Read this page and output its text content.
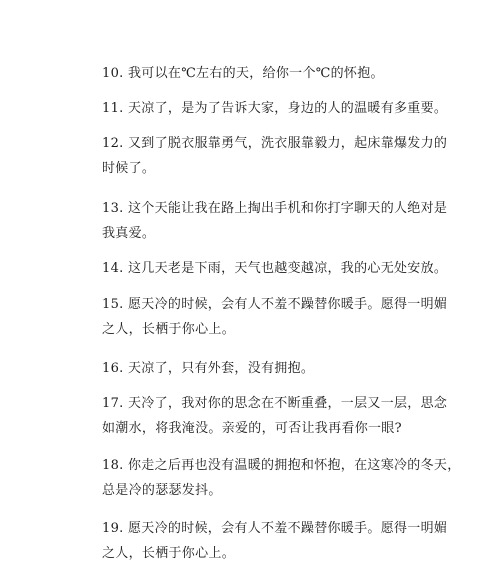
10. 我可以在℃左右的天，给你一个℃的怀抱。
11. 天凉了，是为了告诉大家，身边的人的温暖有多重要。
12. 又到了脱衣服靠勇气，洗衣服靠毅力，起床靠爆发力的
时候了。
13. 这个天能让我在路上掏出手机和你打字聊天的人绝对是
我真爱。
14. 这几天老是下雨，天气也越变越凉，我的心无处安放。
15. 愿天冷的时候，会有人不羞不躁替你暖手。愿得一明媚
之人，长栖于你心上。
16. 天凉了，只有外套，没有拥抱。
17. 天冷了，我对你的思念在不断重叠，一层又一层，思念
如潮水，将我淹没。亲爱的，可否让我再看你一眼?
18. 你走之后再也没有温暖的拥抱和怀抱，在这寒冷的冬天，
总是冷的瑟瑟发抖。
19. 愿天冷的时候，会有人不羞不躁替你暖手。愿得一明媚
之人，长栖于你心上。
